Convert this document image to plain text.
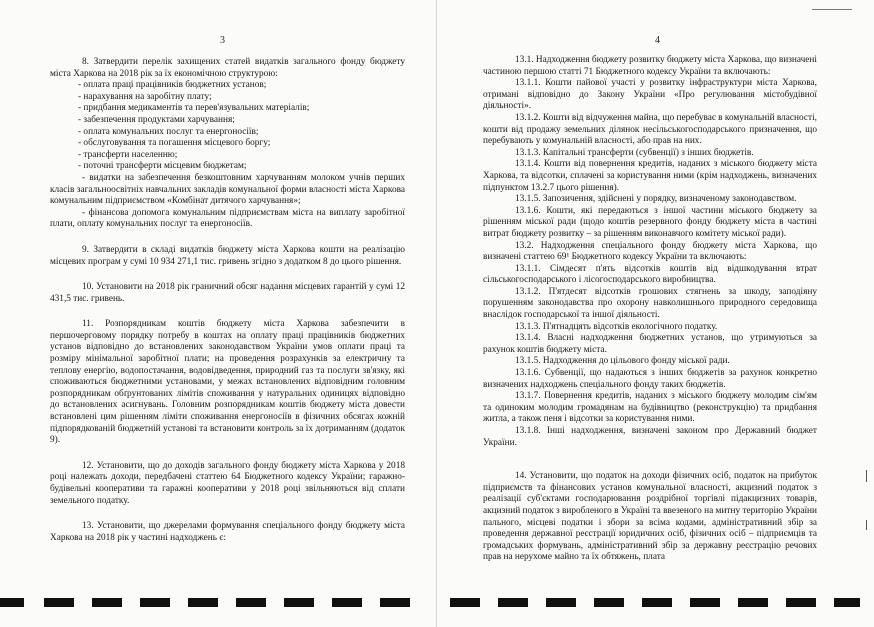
3

8. Затвердити перелік захищених статей видатків загального фонду бюджету міста Харкова на 2018 рік за їх економічною структурою:

- оплата праці працівників бюджетних установ;

- нарахування на заробітну плату;

- придбання медикаментів та перев'язувальних матеріалів;

- забезпечення продуктами харчування;

- оплата комунальних послуг та енергоносіїв;

- обслуговування та погашення місцевого боргу;

- трансферти населенню;

- поточні трансферти місцевим бюджетам;

- видатки на забезпечення безкоштовним харчуванням молоком учнів перших класів загальноосвітніх навчальних закладів комунальної форми власності міста Харкова комунальним підприємством «Комбінат дитячого харчування»;

- фінансова допомога комунальним підприємствам міста на виплату заробітної плати, оплату комунальних послуг та енергоносіїв.

9. Затвердити в складі видатків бюджету міста Харкова кошти на реалізацію місцевих програм у сумі 10 934 271,1 тис. гривень згідно з додатком 8 до цього рішення.

10. Установити на 2018 рік граничний обсяг надання місцевих гарантій у сумі 12 431,5 тис. гривень.

11. Розпорядникам коштів бюджету міста Харкова забезпечити в першочерговому порядку потребу в коштах на оплату праці працівників бюджетних установ відповідно до встановлених законодавством України умов оплати праці та розміру мінімальної заробітної плати; на проведення розрахунків за електричну та теплову енергію, водопостачання, водовідведення, природний газ та послуги зв'язку, які споживаються бюджетними установами, у межах встановлених відповідним головним розпорядникам обґрунтованих лімітів споживання у натуральних одиницях відповідно до встановлених асигнувань. Головним розпорядникам коштів бюджету міста довести встановлені цим рішенням ліміти споживання енергоносіїв в фізичних обсягах кожній підпорядкованій бюджетній установі та встановити контроль за їх дотриманням (додаток 9).

12. Установити, що до доходів загального фонду бюджету міста Харкова у 2018 році належать доходи, передбачені статтею 64 Бюджетного кодексу України; гаражно-будівельні кооперативи та гаражні кооперативи у 2018 році звільняються від сплати земельного податку.

13. Установити, що джерелами формування спеціального фонду бюджету міста Харкова на 2018 рік у частині надходжень є:

4

13.1. Надходження бюджету розвитку бюджету міста Харкова, що визначені частиною першою статті 71 Бюджетного кодексу України та включають:

13.1.1. Кошти пайової участі у розвитку інфраструктури міста Харкова, отримані відповідно до Закону України «Про регулювання містобудівної діяльності».

13.1.2. Кошти від відчуження майна, що перебуває в комунальній власності, кошти від продажу земельних ділянок несільськогосподарського призначення, що перебувають у комунальній власності, або прав на них.

13.1.3. Капітальні трансферти (субвенції) з інших бюджетів.

13.1.4. Кошти від повернення кредитів, наданих з міського бюджету міста Харкова, та відсотки, сплачені за користування ними (крім надходжень, визначених підпунктом 13.2.7 цього рішення).

13.1.5. Запозичення, здійснені у порядку, визначеному законодавством.

13.1.6. Кошти, які передаються з іншої частини міського бюджету за рішенням міської ради (щодо коштів резервного фонду бюджету міста в частині витрат бюджету розвитку – за рішенням виконавчого комітету міської ради).

13.2. Надходження спеціального фонду бюджету міста Харкова, що визначені статтею 69¹ Бюджетного кодексу України та включають:

13.1.1. Сімдесят п'ять відсотків коштів від відшкодування втрат сільськогосподарського і лісогосподарського виробництва.

13.1.2. П'ятдесят відсотків грошових стягнень за шкоду, заподіяну порушенням законодавства про охорону навколишнього природного середовища внаслідок господарської та іншої діяльності.

13.1.3. П'ятнадцять відсотків екологічного податку.

13.1.4. Власні надходження бюджетних установ, що утримуються за рахунок коштів бюджету міста.

13.1.5. Надходження до цільового фонду міської ради.

13.1.6. Субвенції, що надаються з інших бюджетів за рахунок конкретно визначених надходжень спеціального фонду таких бюджетів.

13.1.7. Повернення кредитів, наданих з міського бюджету молодим сім'ям та одиноким молодим громадянам на будівництво (реконструкцію) та придбання житла, а також пеня і відсотки за користування ними.

13.1.8. Інші надходження, визначені законом про Державний бюджет України.

14. Установити, що податок на доходи фізичних осіб, податок на прибуток підприємств та фінансових установ комунальної власності, акцизний податок з реалізації суб'єктами господарювання роздрібної торгівлі підакцизних товарів, акцизний податок з виробленого в Україні та ввезеного на митну територію України пального, місцеві податки і збори за всіма кодами, адміністративний збір за проведення державної реєстрації юридичних осіб, фізичних осіб – підприємців та громадських формувань, адміністративний збір за державну реєстрацію речових прав на нерухоме майно та їх обтяжень, плата
